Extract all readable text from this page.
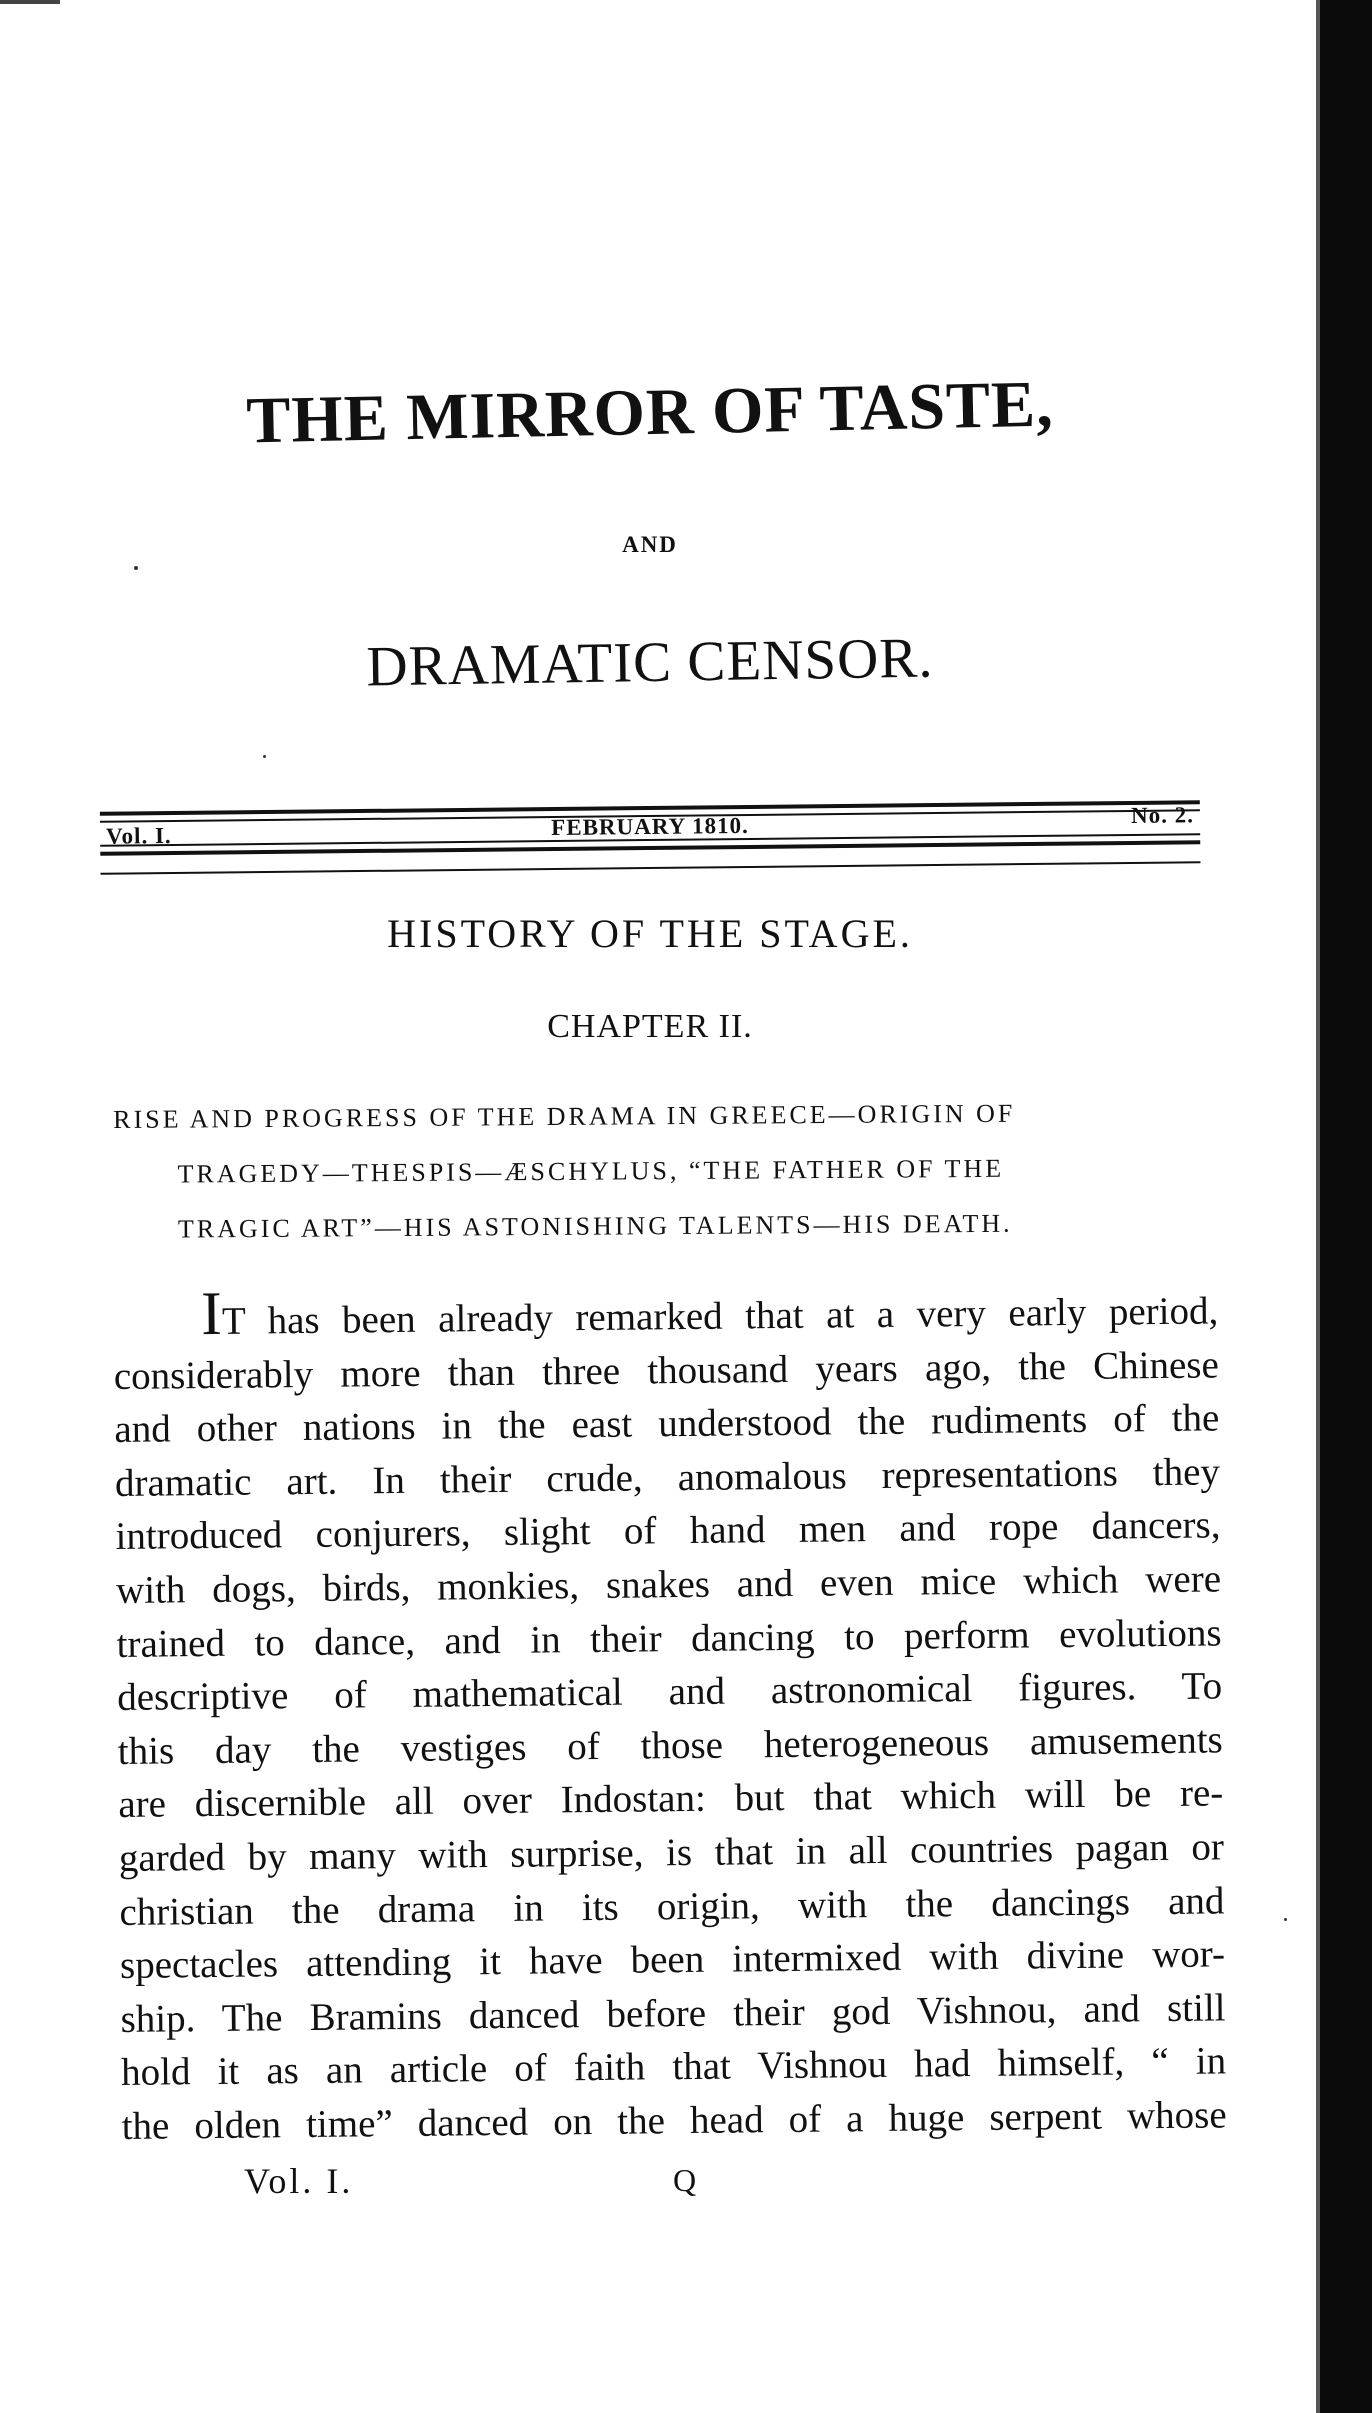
THE MIRROR OF TASTE,
AND
DRAMATIC CENSOR.
Vol. I.	FEBRUARY 1810.	No. 2.
HISTORY OF THE STAGE.
CHAPTER II.
RISE AND PROGRESS OF THE DRAMA IN GREECE—ORIGIN OF
TRAGEDY—THESPIS—ÆSCHYLUS, “THE FATHER OF THE
TRAGIC ART”—HIS ASTONISHING TALENTS—HIS DEATH.
IT has been already remarked that at a very early period,
considerably more than three thousand years ago, the Chinese
and other nations in the east understood the rudiments of the
dramatic art. In their crude, anomalous representations they
introduced conjurers, slight of hand men and rope dancers,
with dogs, birds, monkies, snakes and even mice which were
trained to dance, and in their dancing to perform evolutions
descriptive of mathematical and astronomical figures. To
this day the vestiges of those heterogeneous amusements
are discernible all over Indostan: but that which will be re-
garded by many with surprise, is that in all countries pagan or
christian the drama in its origin, with the dancings and
spectacles attending it have been intermixed with divine wor-
ship. The Bramins danced before their god Vishnou, and still
hold it as an article of faith that Vishnou had himself, “ in
the olden time” danced on the head of a huge serpent whose
Vol. I.	Q
